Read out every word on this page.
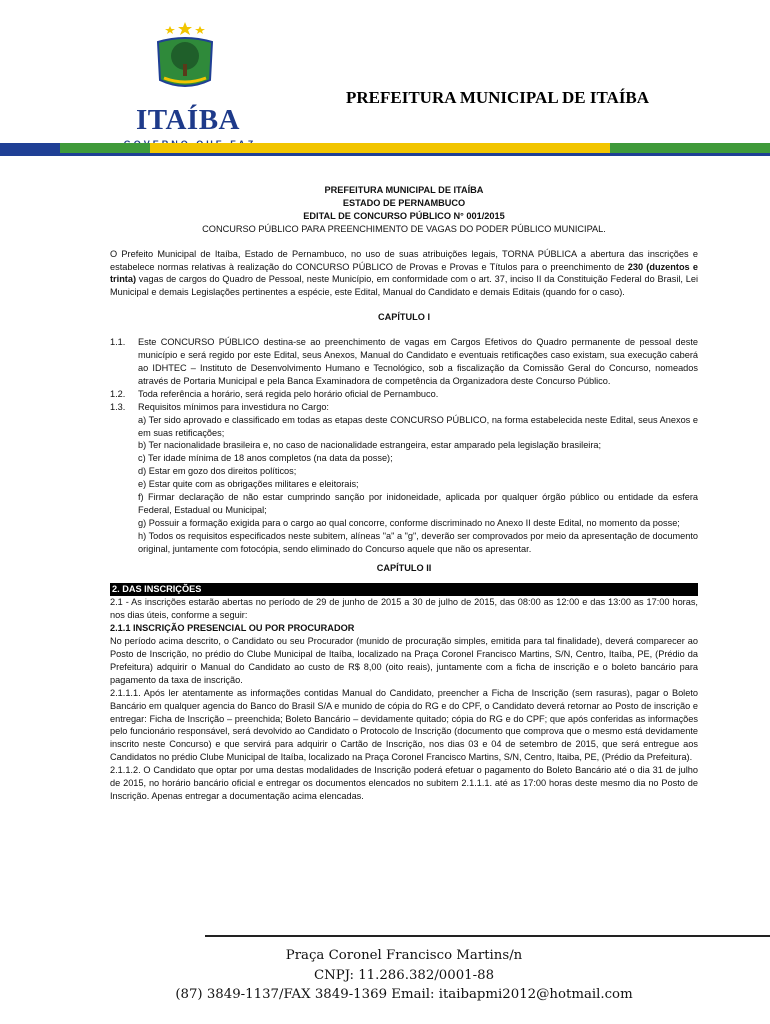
ITAÍBA
PREFEITURA MUNICIPAL DE ITAÍBA

PREFEITURA MUNICIPAL DE ITAÍBA

ESTADO DE PERNAMBUCO

EDITAL DE CONCURSO PÚBLICO N° 001/2015

CONCURSO PÚBLICO PARA PREENCHIMENTO DE VAGAS DO PODER PÚBLICO MUNICIPAL.

O Prefeito Municipal de Itaíba, Estado de Pernambuco, no uso de suas atribuições legais, TORNA PÚBLICA a abertura das inscrições e estabelece normas relativas à realização do CONCURSO PÚBLICO de Provas e Provas e Títulos para o preenchimento de 230 (duzentos e trinta) vagas de cargos do Quadro de Pessoal, neste Município, em conformidade com o art. 37, inciso II da Constituição Federal do Brasil, Lei Municipal e demais Legislações pertinentes a espécie, este Edital, Manual do Candidato e demais Editais (quando for o caso).

CAPÍTULO I

1.1.	Este CONCURSO PÚBLICO destina-se ao preenchimento de vagas em Cargos Efetivos do Quadro permanente de pessoal deste município e será regido por este Edital, seus Anexos, Manual do Candidato e eventuais retificações caso existam, sua execução caberá ao IDHTEC – Instituto de Desenvolvimento Humano e Tecnológico, sob a fiscalização da Comissão Geral do Concurso, nomeados através de Portaria Municipal e pela Banca Examinadora de competência da Organizadora deste Concurso Público.
1.2.	Toda referência a horário, será regida pelo horário oficial de Pernambuco.
1.3.	Requisitos mínimos para investidura no Cargo:

a) Ter sido aprovado e classificado em todas as etapas deste CONCURSO PÚBLICO, na forma estabelecida neste Edital, seus Anexos e em suas retificações;

b) Ter nacionalidade brasileira e, no caso de nacionalidade estrangeira, estar amparado pela legislação brasileira;

c) Ter idade mínima de 18 anos completos (na data da posse);

d) Estar em gozo dos direitos políticos;

e) Estar quite com as obrigações militares e eleitorais;

f) Firmar declaração de não estar cumprindo sanção por inidoneidade, aplicada por qualquer órgão público ou entidade da esfera Federal, Estadual ou Municipal;

g) Possuir a formação exigida para o cargo ao qual concorre, conforme discriminado no Anexo II deste Edital, no momento da posse;

h) Todos os requisitos especificados neste subitem, alíneas "a" a "g", deverão ser comprovados por meio da apresentação de documento original, juntamente com fotocópia, sendo eliminado do Concurso aquele que não os apresentar.

CAPÍTULO II

2. DAS INSCRIÇÕES

2.1 - As inscrições estarão abertas no período de 29 de junho de 2015 a 30 de julho de 2015, das 08:00 as 12:00 e das 13:00 as 17:00 horas, nos dias úteis, conforme a seguir:

2.1.1 INSCRIÇÃO PRESENCIAL OU POR PROCURADOR

No período acima descrito, o Candidato ou seu Procurador (munido de procuração simples, emitida para tal finalidade), deverá comparecer ao Posto de Inscrição, no prédio do Clube Municipal de Itaíba, localizado na Praça Coronel Francisco Martins, S/N, Centro, Itaíba, PE, (Prédio da Prefeitura) adquirir o Manual do Candidato ao custo de R$ 8,00 (oito reais), juntamente com a ficha de inscrição e o boleto bancário para pagamento da taxa de inscrição.

2.1.1.1. Após ler atentamente as informações contidas Manual do Candidato, preencher a Ficha de Inscrição (sem rasuras), pagar o Boleto Bancário em qualquer agencia do Banco do Brasil S/A e munido de cópia do RG e do CPF, o Candidato deverá retornar ao Posto de inscrição e entregar: Ficha de Inscrição – preenchida; Boleto Bancário – devidamente quitado; cópia do RG e do CPF; que após conferidas as informações pelo funcionário responsável, será devolvido ao Candidato o Protocolo de Inscrição (documento que comprova que o mesmo está devidamente inscrito neste Concurso) e que servirá para adquirir o Cartão de Inscrição, nos dias 03 e 04 de setembro de 2015, que será entregue aos Candidatos no prédio Clube Municipal de Itaíba, localizado na Praça Coronel Francisco Martins, S/N, Centro, Itaiba, PE, (Prédio da Prefeitura).

2.1.1.2. O Candidato que optar por uma destas modalidades de Inscrição poderá efetuar o pagamento do Boleto Bancário até o dia 31 de julho de 2015, no horário bancário oficial e entregar os documentos elencados no subitem 2.1.1.1. até as 17:00 horas deste mesmo dia no Posto de Inscrição. Apenas entregar a documentação acima elencadas.

Praça Coronel Francisco Martins/n
CNPJ: 11.286.382/0001-88
(87) 3849-1137/FAX 3849-1369 Email: itaibapmi2012@hotmail.com
